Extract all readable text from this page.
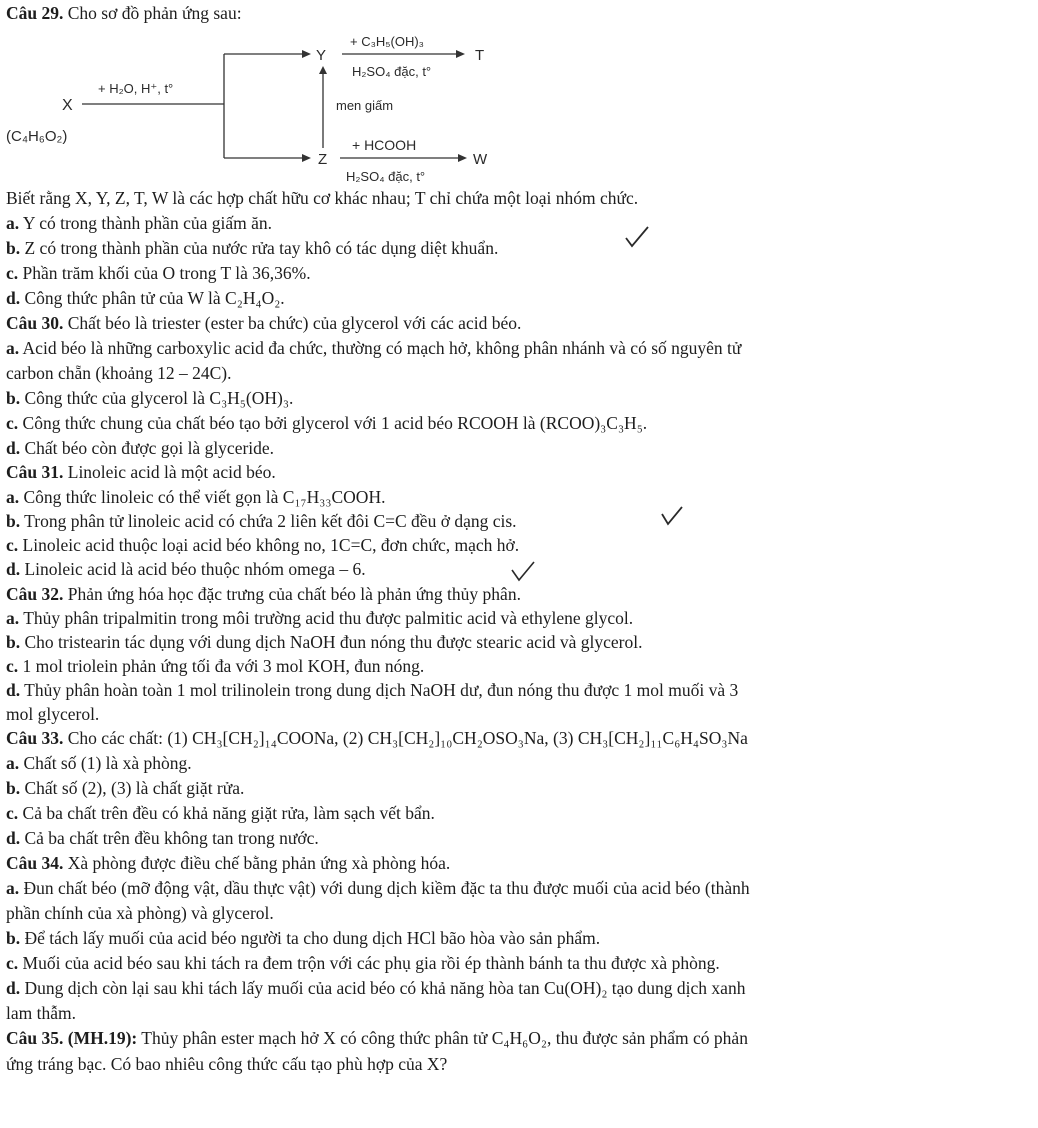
Câu 29. Cho sơ đồ phản ứng sau:
X
(C₄H₆O₂)
+ H₂O, H⁺, t°
Y
+ C₃H₅(OH)₃
H₂SO₄ đặc, t°
T
men giấm
Z
+ HCOOH
H₂SO₄ đặc, t°
W
Biết rằng X, Y, Z, T, W là các hợp chất hữu cơ khác nhau; T chỉ chứa một loại nhóm chức.
a. Y có trong thành phần của giấm ăn.
b. Z có trong thành phần của nước rửa tay khô có tác dụng diệt khuẩn.
c. Phần trăm khối của O trong T là 36,36%.
d. Công thức phân tử của W là C₂H₄O₂.
Câu 30. Chất béo là triester (ester ba chức) của glycerol với các acid béo.
a. Acid béo là những carboxylic acid đa chức, thường có mạch hở, không phân nhánh và có số nguyên tử
carbon chẵn (khoảng 12 – 24C).
b. Công thức của glycerol là C₃H₅(OH)₃.
c. Công thức chung của chất béo tạo bởi glycerol với 1 acid béo RCOOH là (RCOO)₃C₃H₅.
d. Chất béo còn được gọi là glyceride.
Câu 31. Linoleic acid là một acid béo.
a. Công thức linoleic có thể viết gọn là C₁₇H₃₃COOH.
b. Trong phân tử linoleic acid có chứa 2 liên kết đôi C=C đều ở dạng cis.
c. Linoleic acid thuộc loại acid béo không no, 1C=C, đơn chức, mạch hở.
d. Linoleic acid là acid béo thuộc nhóm omega – 6.
Câu 32. Phản ứng hóa học đặc trưng của chất béo là phản ứng thủy phân.
a. Thủy phân tripalmitin trong môi trường acid thu được palmitic acid và ethylene glycol.
b. Cho tristearin tác dụng với dung dịch NaOH đun nóng thu được stearic acid và glycerol.
c. 1 mol triolein phản ứng tối đa với 3 mol KOH, đun nóng.
d. Thủy phân hoàn toàn 1 mol trilinolein trong dung dịch NaOH dư, đun nóng thu được 1 mol muối và 3
mol glycerol.
Câu 33. Cho các chất: (1) CH₃[CH₂]₁₄COONa, (2) CH₃[CH₂]₁₀CH₂OSO₃Na, (3) CH₃[CH₂]₁₁C₆H₄SO₃Na
a. Chất số (1) là xà phòng.
b. Chất số (2), (3) là chất giặt rửa.
c. Cả ba chất trên đều có khả năng giặt rửa, làm sạch vết bẩn.
d. Cả ba chất trên đều không tan trong nước.
Câu 34. Xà phòng được điều chế bằng phản ứng xà phòng hóa.
a. Đun chất béo (mỡ động vật, dầu thực vật) với dung dịch kiềm đặc ta thu được muối của acid béo (thành
phần chính của xà phòng) và glycerol.
b. Để tách lấy muối của acid béo người ta cho dung dịch HCl bão hòa vào sản phẩm.
c. Muối của acid béo sau khi tách ra đem trộn với các phụ gia rồi ép thành bánh ta thu được xà phòng.
d. Dung dịch còn lại sau khi tách lấy muối của acid béo có khả năng hòa tan Cu(OH)₂ tạo dung dịch xanh
lam thẫm.
Câu 35. (MH.19): Thủy phân ester mạch hở X có công thức phân tử C₄H₆O₂, thu được sản phẩm có phản
ứng tráng bạc. Có bao nhiêu công thức cấu tạo phù hợp của X?
